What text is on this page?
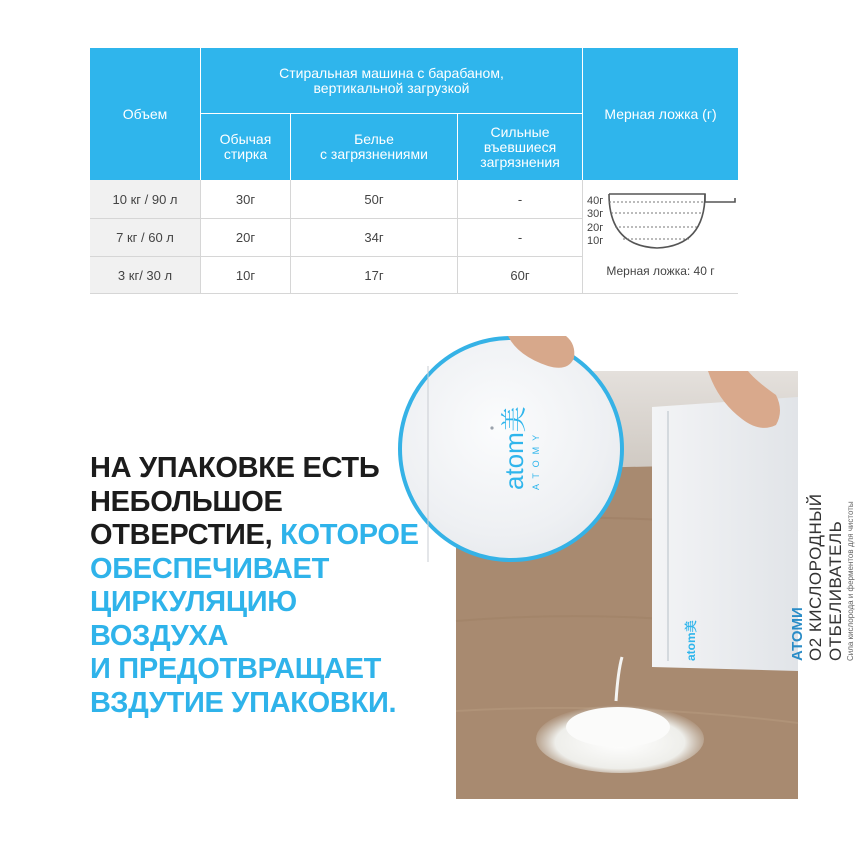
Объем
Стиральная машина с барабаном,
вертикальной загрузкой
Мерная ложка (г)
Обычая
стирка
Белье
с загрязнениями
Сильные
въевшиеся
загрязнения
10 кг / 90 л	30г	50г	-
7 кг / 60 л	20г	34г	-
3 кг/ 30 л	10г	17г	60г
40г
30г
20г
10г
Мерная ложка: 40 г
НА УПАКОВКЕ ЕСТЬ
НЕБОЛЬШОЕ
ОТВЕРСТИЕ, КОТОРОЕ
ОБЕСПЕЧИВАЕТ
ЦИРКУЛЯЦИЮ
ВОЗДУХА
И ПРЕДОТВРАЩАЕТ
ВЗДУТИЕ УПАКОВКИ.
atom美	АТОМИ О2 КИСЛОРОДНЫЙ ОТБЕЛИВАТЕЛЬ Сила кислорода и ферментов для чистоты
atom美 ATOMY
